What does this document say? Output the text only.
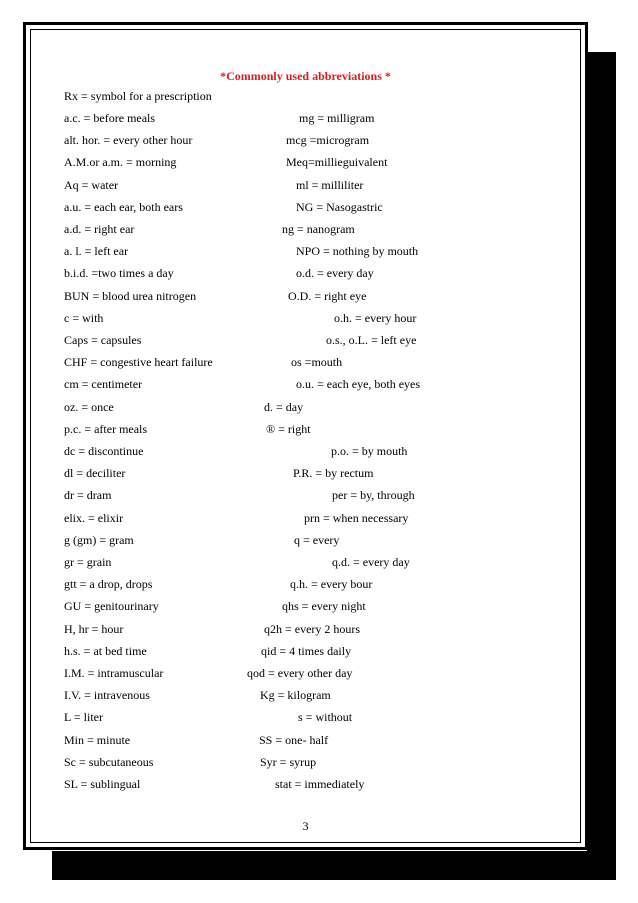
*Commonly used abbreviations *
Rx = symbol for a prescription
a.c. = before meals	mg = milligram
alt. hor. = every other hour	mcg =microgram
A.M.or a.m. = morning	Meq=millieguivalent
Aq = water	ml = milliliter
a.u. = each ear, both ears	NG = Nasogastric
a.d. = right ear	ng = nanogram
a. l. = left ear	NPO = nothing by mouth
b.i.d. =two times a day	o.d. = every day
BUN = blood urea nitrogen	O.D. = right eye
c = with	o.h. = every hour
Caps = capsules	o.s., o.L. = left eye
CHF = congestive heart failure	os =mouth
cm = centimeter	o.u. = each eye, both eyes
oz. = once	d. = day
p.c. = after meals	® = right
dc = discontinue	p.o. = by mouth
dl = deciliter	P.R. = by rectum
dr = dram	per = by, through
elix. = elixir	prn = when necessary
g (gm) = gram	q = every
gr = grain	q.d. = every day
gtt = a drop, drops	q.h. = every bour
GU = genitourinary	qhs = every night
H, hr = hour	q2h = every 2 hours
h.s. = at bed time	qid = 4 times daily
I.M. = intramuscular	qod = every other day
I.V. = intravenous	Kg = kilogram
L = liter	s = without
Min = minute	SS = one- half
Sc = subcutaneous	Syr = syrup
SL = sublingual	stat = immediately
3
